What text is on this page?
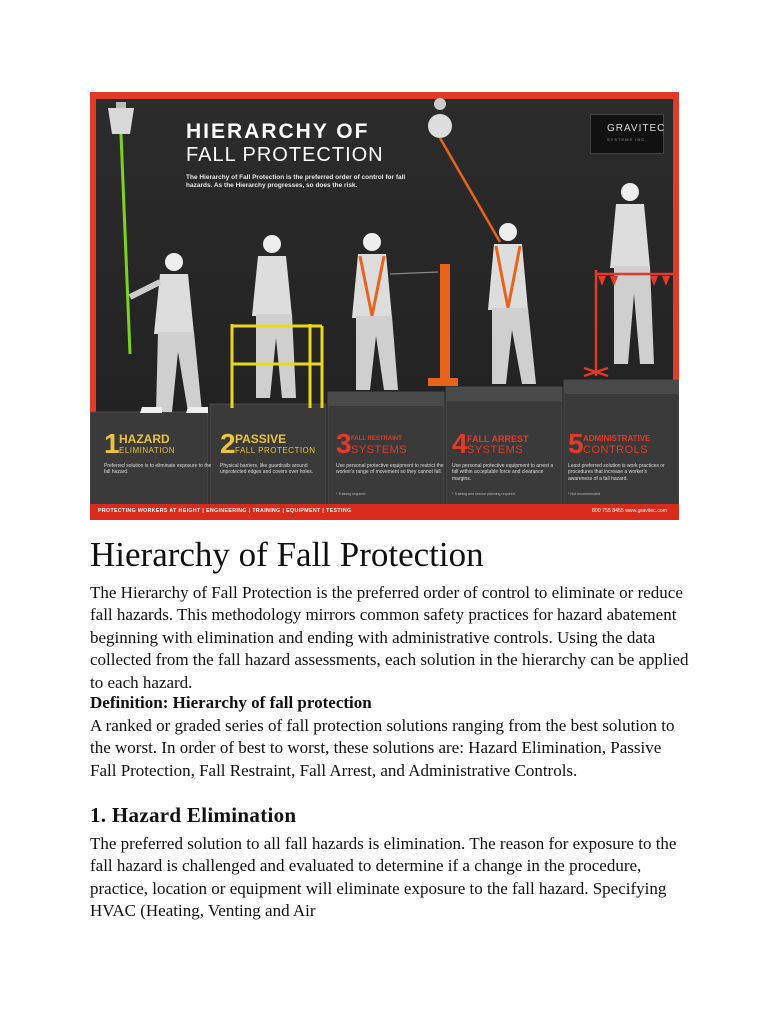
HIERARCHY OF
FALL PROTECTION
The Hierarchy of Fall Protection is the preferred order of control for fall hazards. As the Hierarchy progresses, so does the risk.
GRAVITEC
SYSTEMS INC
1 HAZARD
ELIMINATION
Preferred solution is to eliminate exposure to the fall hazard.
2 PASSIVE
FALL PROTECTION
Physical barriers, like guardrails around unprotected edges and covers over holes.
3 FALL RESTRAINT
SYSTEMS
Use personal protective equipment to restrict the worker's range of movement so they cannot fall.
* Training required
4 FALL ARREST
SYSTEMS
Use personal protective equipment to arrest a fall within acceptable force and clearance margins.
* Training and rescue planning required
5 ADMINISTRATIVE
CONTROLS
Least preferred solution is work practices or procedures that increase a worker's awareness of a fall hazard.
* Not recommended
PROTECTING WORKERS AT HEIGHT | ENGINEERING | TRAINING | EQUIPMENT | TESTING	800 755 8455 www.gravitec.com
Hierarchy of Fall Protection

The Hierarchy of Fall Protection is the preferred order of control to eliminate or reduce fall hazards. This methodology mirrors common safety practices for hazard abatement beginning with elimination and ending with administrative controls. Using the data collected from the fall hazard assessments, each solution in the hierarchy can be applied to each hazard.

Definition: Hierarchy of fall protection

A ranked or graded series of fall protection solutions ranging from the best solution to the worst. In order of best to worst, these solutions are: Hazard Elimination, Passive Fall Protection, Fall Restraint, Fall Arrest, and Administrative Controls.

1. Hazard Elimination

The preferred solution to all fall hazards is elimination. The reason for exposure to the fall hazard is challenged and evaluated to determine if a change in the procedure, practice, location or equipment will eliminate exposure to the fall hazard. Specifying HVAC (Heating, Venting and Air
